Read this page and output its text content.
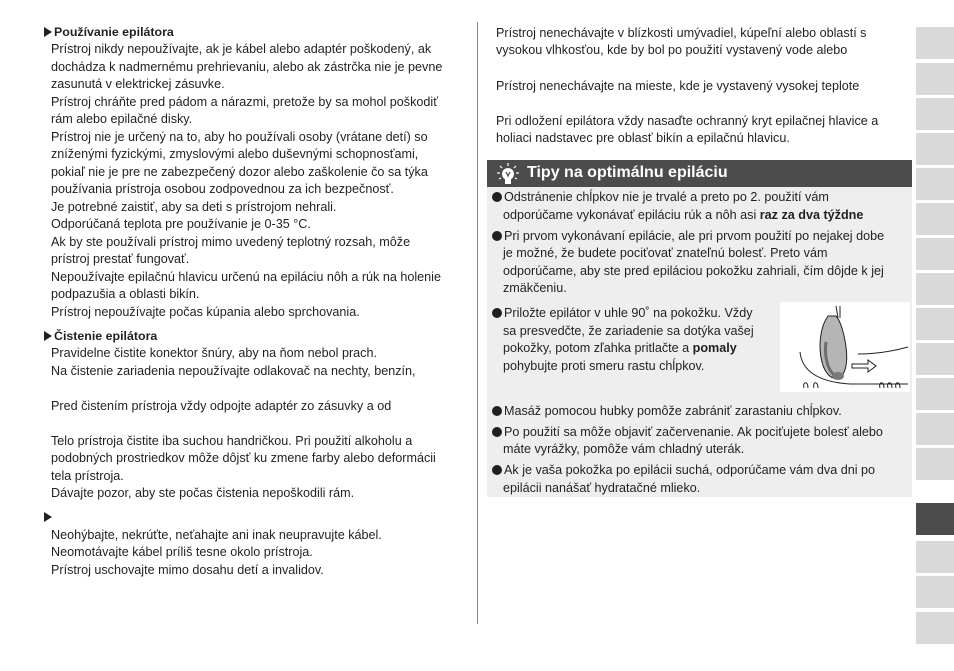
Používanie epilátora
Prístroj nikdy nepoužívajte, ak je kábel alebo adaptér poškodený, ak
dochádza k nadmernému prehrievaniu, alebo ak zástrčka nie je pevne
zasunutá v elektrickej zásuvke.
Prístroj chráňte pred pádom a nárazmi, pretože by sa mohol poškodiť
rám alebo epilačné disky.
Prístroj nie je určený na to, aby ho používali osoby (vrátane detí) so
zníženými fyzickými, zmyslovými alebo duševnými schopnosťami,
pokiaľ nie je pre ne zabezpečený dozor alebo zaškolenie čo sa týka
používania prístroja osobou zodpovednou za ich bezpečnosť.
Je potrebné zaistiť, aby sa deti s prístrojom nehrali.
Odporúčaná teplota pre používanie je 0-35 °C.
Ak by ste používali prístroj mimo uvedený teplotný rozsah, môže
prístroj prestať fungovať.
Nepoužívajte epilačnú hlavicu určenú na epiláciu nôh a rúk na holenie
podpazušia a oblasti bikín.
Prístroj nepoužívajte počas kúpania alebo sprchovania.
Čistenie epilátora
Pravidelne čistite konektor šnúry, aby na ňom nebol prach.
Na čistenie zariadenia nepoužívajte odlakovač na nechty, benzín,
Pred čistením prístroja vždy odpojte adaptér zo zásuvky a od
Telo prístroja čistite iba suchou handričkou. Pri použití alkoholu a
podobných prostriedkov môže dôjsť ku zmene farby alebo deformácii
tela prístroja.
Dávajte pozor, aby ste počas čistenia nepoškodili rám.
Neohýbajte, nekrúťte, neťahajte ani inak neupravujte kábel.
Neomotávajte kábel príliš tesne okolo prístroja.
Prístroj uschovajte mimo dosahu detí a invalidov.
Prístroj nenechávajte v blízkosti umývadiel, kúpeľní alebo oblastí s
vysokou vlhkosťou, kde by bol po použití vystavený vode alebo
Prístroj nenechávajte na mieste, kde je vystavený vysokej teplote
Pri odložení epilátora vždy nasaďte ochranný kryt epilačnej hlavice a
holiaci nadstavec pre oblasť bikín a epilačnú hlavicu.
Tipy na optimálnu epiláciu
Odstránenie chĺpkov nie je trvalé a preto po 2. použití vám
odporúčame vykonávať epiláciu rúk a nôh asi raz za dva týždne
Pri prvom vykonávaní epilácie, ale pri prvom použití po nejakej dobe
je možné, že budete pociťovať znateľnú bolesť. Preto vám
odporúčame, aby ste pred epiláciou pokožku zahriali, čím dôjde k jej
zmäkčeniu.
Priložte epilátor v uhle 90˚ na pokožku. Vždy
sa presvedčte, že zariadenie sa dotýka vašej
pokožky, potom zľahka pritlačte a pomaly
pohybujte proti smeru rastu chĺpkov.
Masáž pomocou hubky pomôže zabrániť zarastaniu chĺpkov.
Po použití sa môže objaviť začervenanie. Ak pociťujete bolesť alebo
máte vyrážky, pomôže vám chladný uterák.
Ak je vaša pokožka po epilácii suchá, odporúčame vám dva dni po
epilácii nanášať hydratačné mlieko.
